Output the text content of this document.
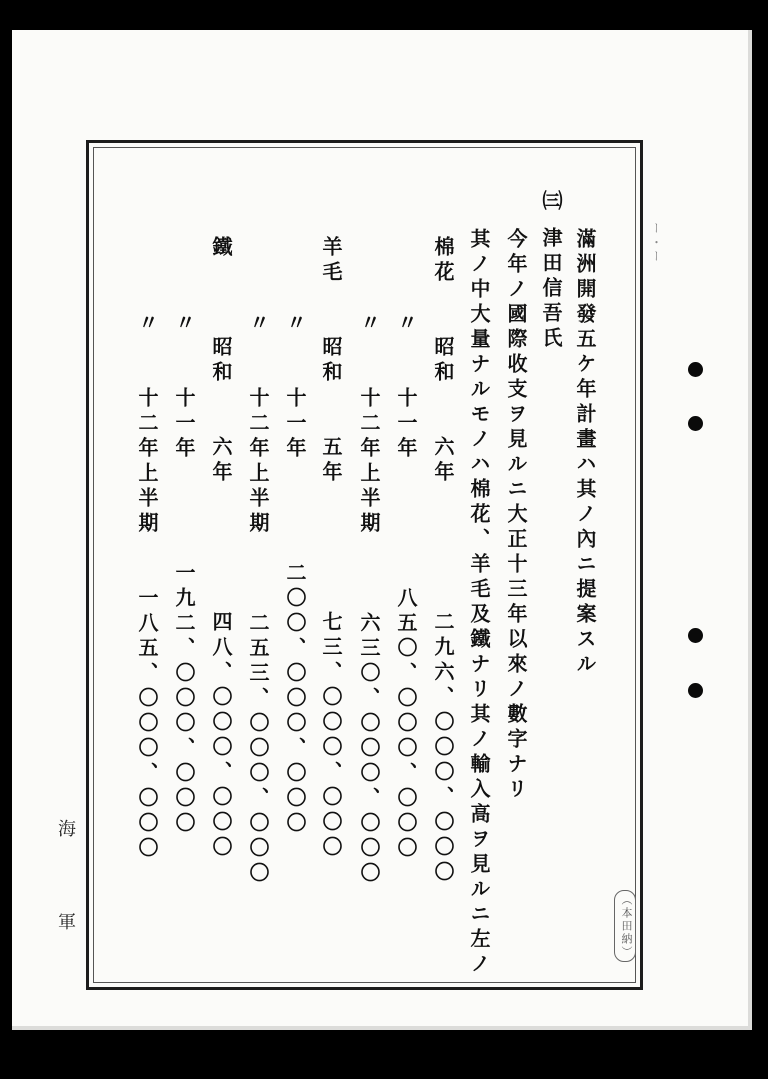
㈢ 津田信吾氏 滿洲開發五ケ年計畫ハ其ノ內ニ提案スル
今年ノ國際收支ヲ見ルニ大正十三年以來ノ數字ナリ
其ノ中大量ナルモノハ棉花、羊毛及鐵ナリ其ノ輸入高ヲ見ルニ左ノ
棉花　　昭和　　六年　　　　　二九六、〇〇〇、〇〇〇
〃　　十一年　　　　　八五〇、〇〇〇、〇〇〇
〃　　十二年上半期　　　六三〇、〇〇〇、〇〇〇
羊毛　　昭和　　五年　　　　　七三、〇〇〇、〇〇〇
〃　　十一年　　　　二〇〇、〇〇〇、〇〇〇
〃　　十二年上半期　　　二五三、〇〇〇、〇〇〇
鐵　　　昭和　　六年　　　　　四八、〇〇〇、〇〇〇
〃　　十一年　　　　一九二、〇〇〇、〇〇〇
〃　　十二年上半期　　一八五、〇〇〇、〇〇〇
海
軍	（本田納）
ー・ー
